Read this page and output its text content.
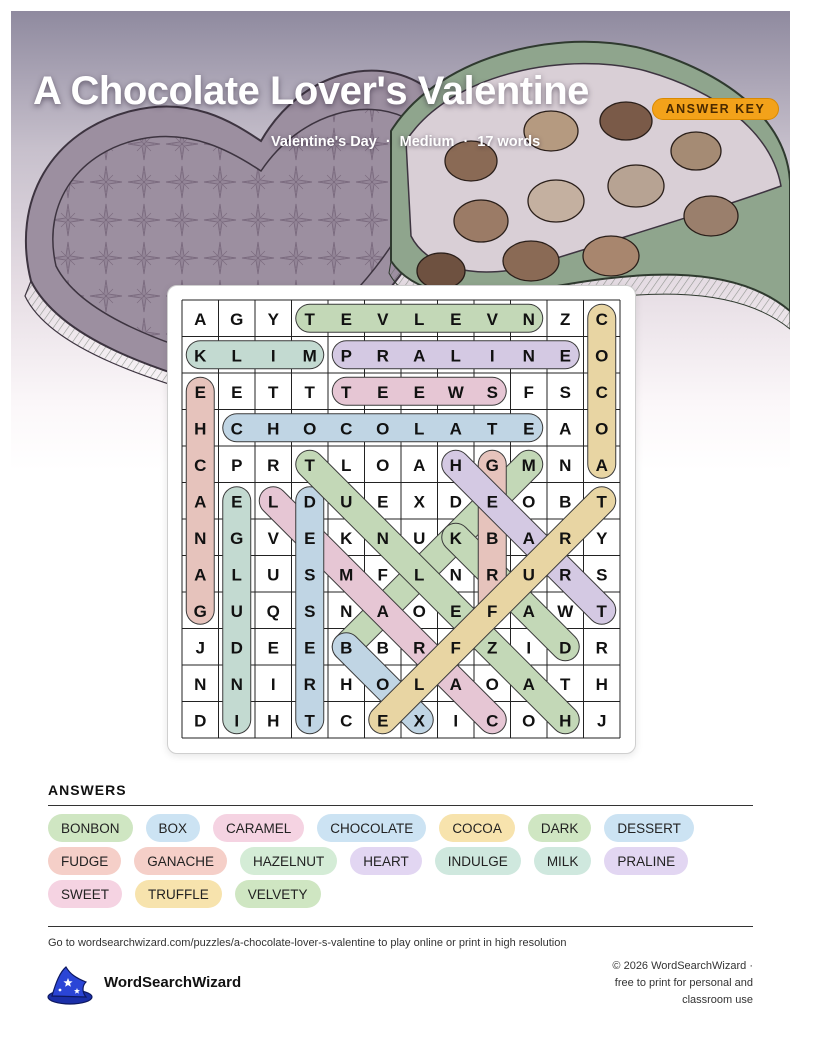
A Chocolate Lover's Valentine	ANSWER KEY
Valentine's Day · Medium · 17 words
A G Y T E V L E V N Z C
K L I M P R A L I N E O
E E T T T E E W S F S C
H C H O C O L A T E A O
C P R T L O A H G M N A
A E L D U E X D E O B T
N G V E K N U K B A R Y
A L U S M F L N R U R S
G U Q S N A O E F A W T
J D E E B B R F Z I D R
N N I R H O L A O A T H
D I H T C E X I C O H J
ANSWERS
BONBON	BOX	CARAMEL	CHOCOLATE	COCOA	DARK	DESSERT
FUDGE	GANACHE	HAZELNUT	HEART	INDULGE	MILK	PRALINE
SWEET	TRUFFLE	VELVETY
Go to wordsearchwizard.com/puzzles/a-chocolate-lover-s-valentine to play online or print in high resolution
WordSearchWizard
© 2026 WordSearchWizard ·
free to print for personal and
classroom use
